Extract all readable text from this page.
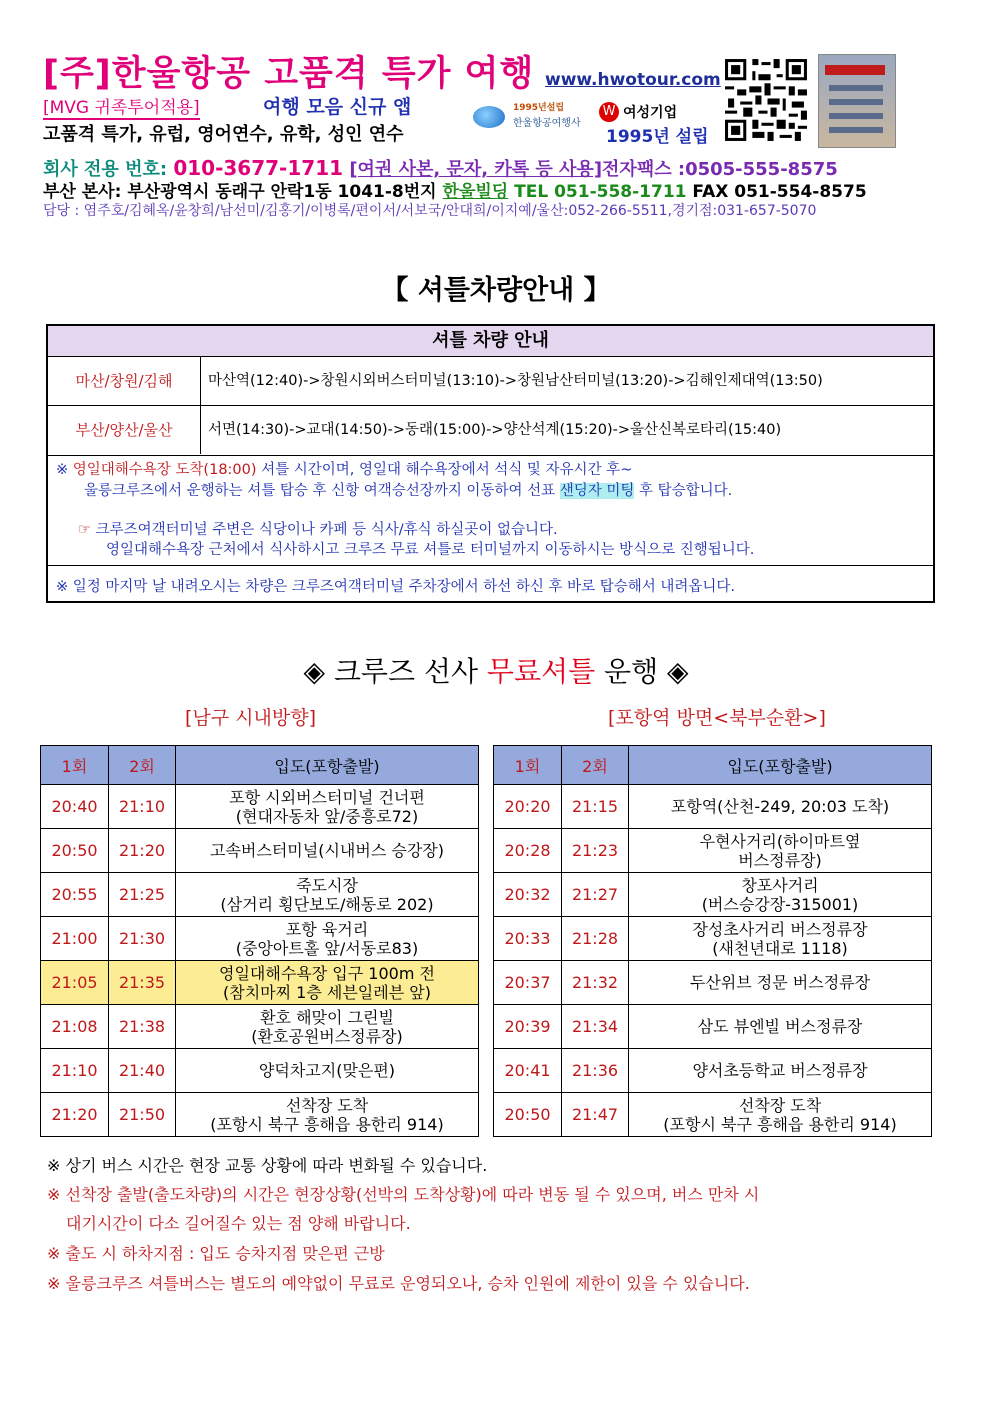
[주]한울항공 고품격 특가 여행 www.hwotour.com
[MVG 귀족투어적용]	여행 모음 신규 앱	1995년설립
한울항공여행사
W 여성기업
1995년 설립
고품격 특가, 유럽, 영어연수, 유학, 성인 연수
회사 전용 번호: 010-3677-1711 [여권 사본, 문자, 카톡 등 사용]전자팩스 :0505-555-8575
부산 본사: 부산광역시 동래구 안락1동 1041-8번지 한울빌딩 TEL 051-558-1711 FAX 051-554-8575
담당 : 염주호/김혜옥/윤창희/남선미/김홍기/이병록/편이서/서보국/안대희/이지예/울산:052-266-5511,경기점:031-657-5070
【 셔틀차량안내 】
셔틀 차량 안내
마산/창원/김해	마산역(12:40)->창원시외버스터미널(13:10)->창원남산터미널(13:20)->김해인제대역(13:50)
부산/양산/울산	서면(14:30)->교대(14:50)->동래(15:00)->양산석계(15:20)->울산신복로타리(15:40)
※ 영일대해수욕장 도착(18:00) 셔틀 시간이며, 영일대 해수욕장에서 석식 및 자유시간 후~
울릉크루즈에서 운행하는 셔틀 탑승 후 신항 여객승선장까지 이동하여 선표 샌딩자 미팅 후 탑승합니다.
☞ 크루즈여객터미널 주변은 식당이나 카페 등 식사/휴식 하실곳이 없습니다.
영일대해수욕장 근처에서 식사하시고 크루즈 무료 셔틀로 터미널까지 이동하시는 방식으로 진행됩니다.
※ 일정 마지막 날 내려오시는 차량은 크루즈여객터미널 주차장에서 하선 하신 후 바로 탑승해서 내려옵니다.
◈ 크루즈 선사 무료셔틀 운행 ◈
[남구 시내방향]	[포항역 방면<북부순환>]
1회	2회	입도(포항출발)
20:40	21:10	포항 시외버스터미널 건너편
(현대자동차 앞/중흥로72)

20:50	21:20	고속버스터미널(시내버스 승강장)

20:55	21:25	죽도시장
(삼거리 횡단보도/해동로 202)

21:00	21:30	포항 육거리
(중앙아트홀 앞/서동로83)

21:05	21:35	영일대해수욕장 입구 100m 전
(참치마찌 1층 세븐일레븐 앞)

21:08	21:38	환호 해맞이 그린빌
(환호공원버스정류장)

21:10	21:40	양덕차고지(맞은편)

21:20	21:50	선착장 도착
(포항시 북구 흥해읍 용한리 914)
1회	2회	입도(포항출발)
20:20	21:15	포항역(산천-249, 20:03 도착)

20:28	21:23	우현사거리(하이마트옆
버스정류장)

20:32	21:27	창포사거리
(버스승강장-315001)

20:33	21:28	장성초사거리 버스정류장
(새천년대로 1118)

20:37	21:32	두산위브 정문 버스정류장

20:39	21:34	삼도 뷰엔빌 버스정류장

20:41	21:36	양서초등학교 버스정류장

20:50	21:47	선착장 도착
(포항시 북구 흥해읍 용한리 914)
※ 상기 버스 시간은 현장 교통 상황에 따라 변화될 수 있습니다.
※ 선착장 출발(출도차량)의 시간은 현장상황(선박의 도착상황)에 따라 변동 될 수 있으며, 버스 만차 시
대기시간이 다소 길어질수 있는 점 양해 바랍니다.
※ 출도 시 하차지점 : 입도 승차지점 맞은편 근방
※ 울릉크루즈 셔틀버스는 별도의 예약없이 무료로 운영되오나, 승차 인원에 제한이 있을 수 있습니다.
